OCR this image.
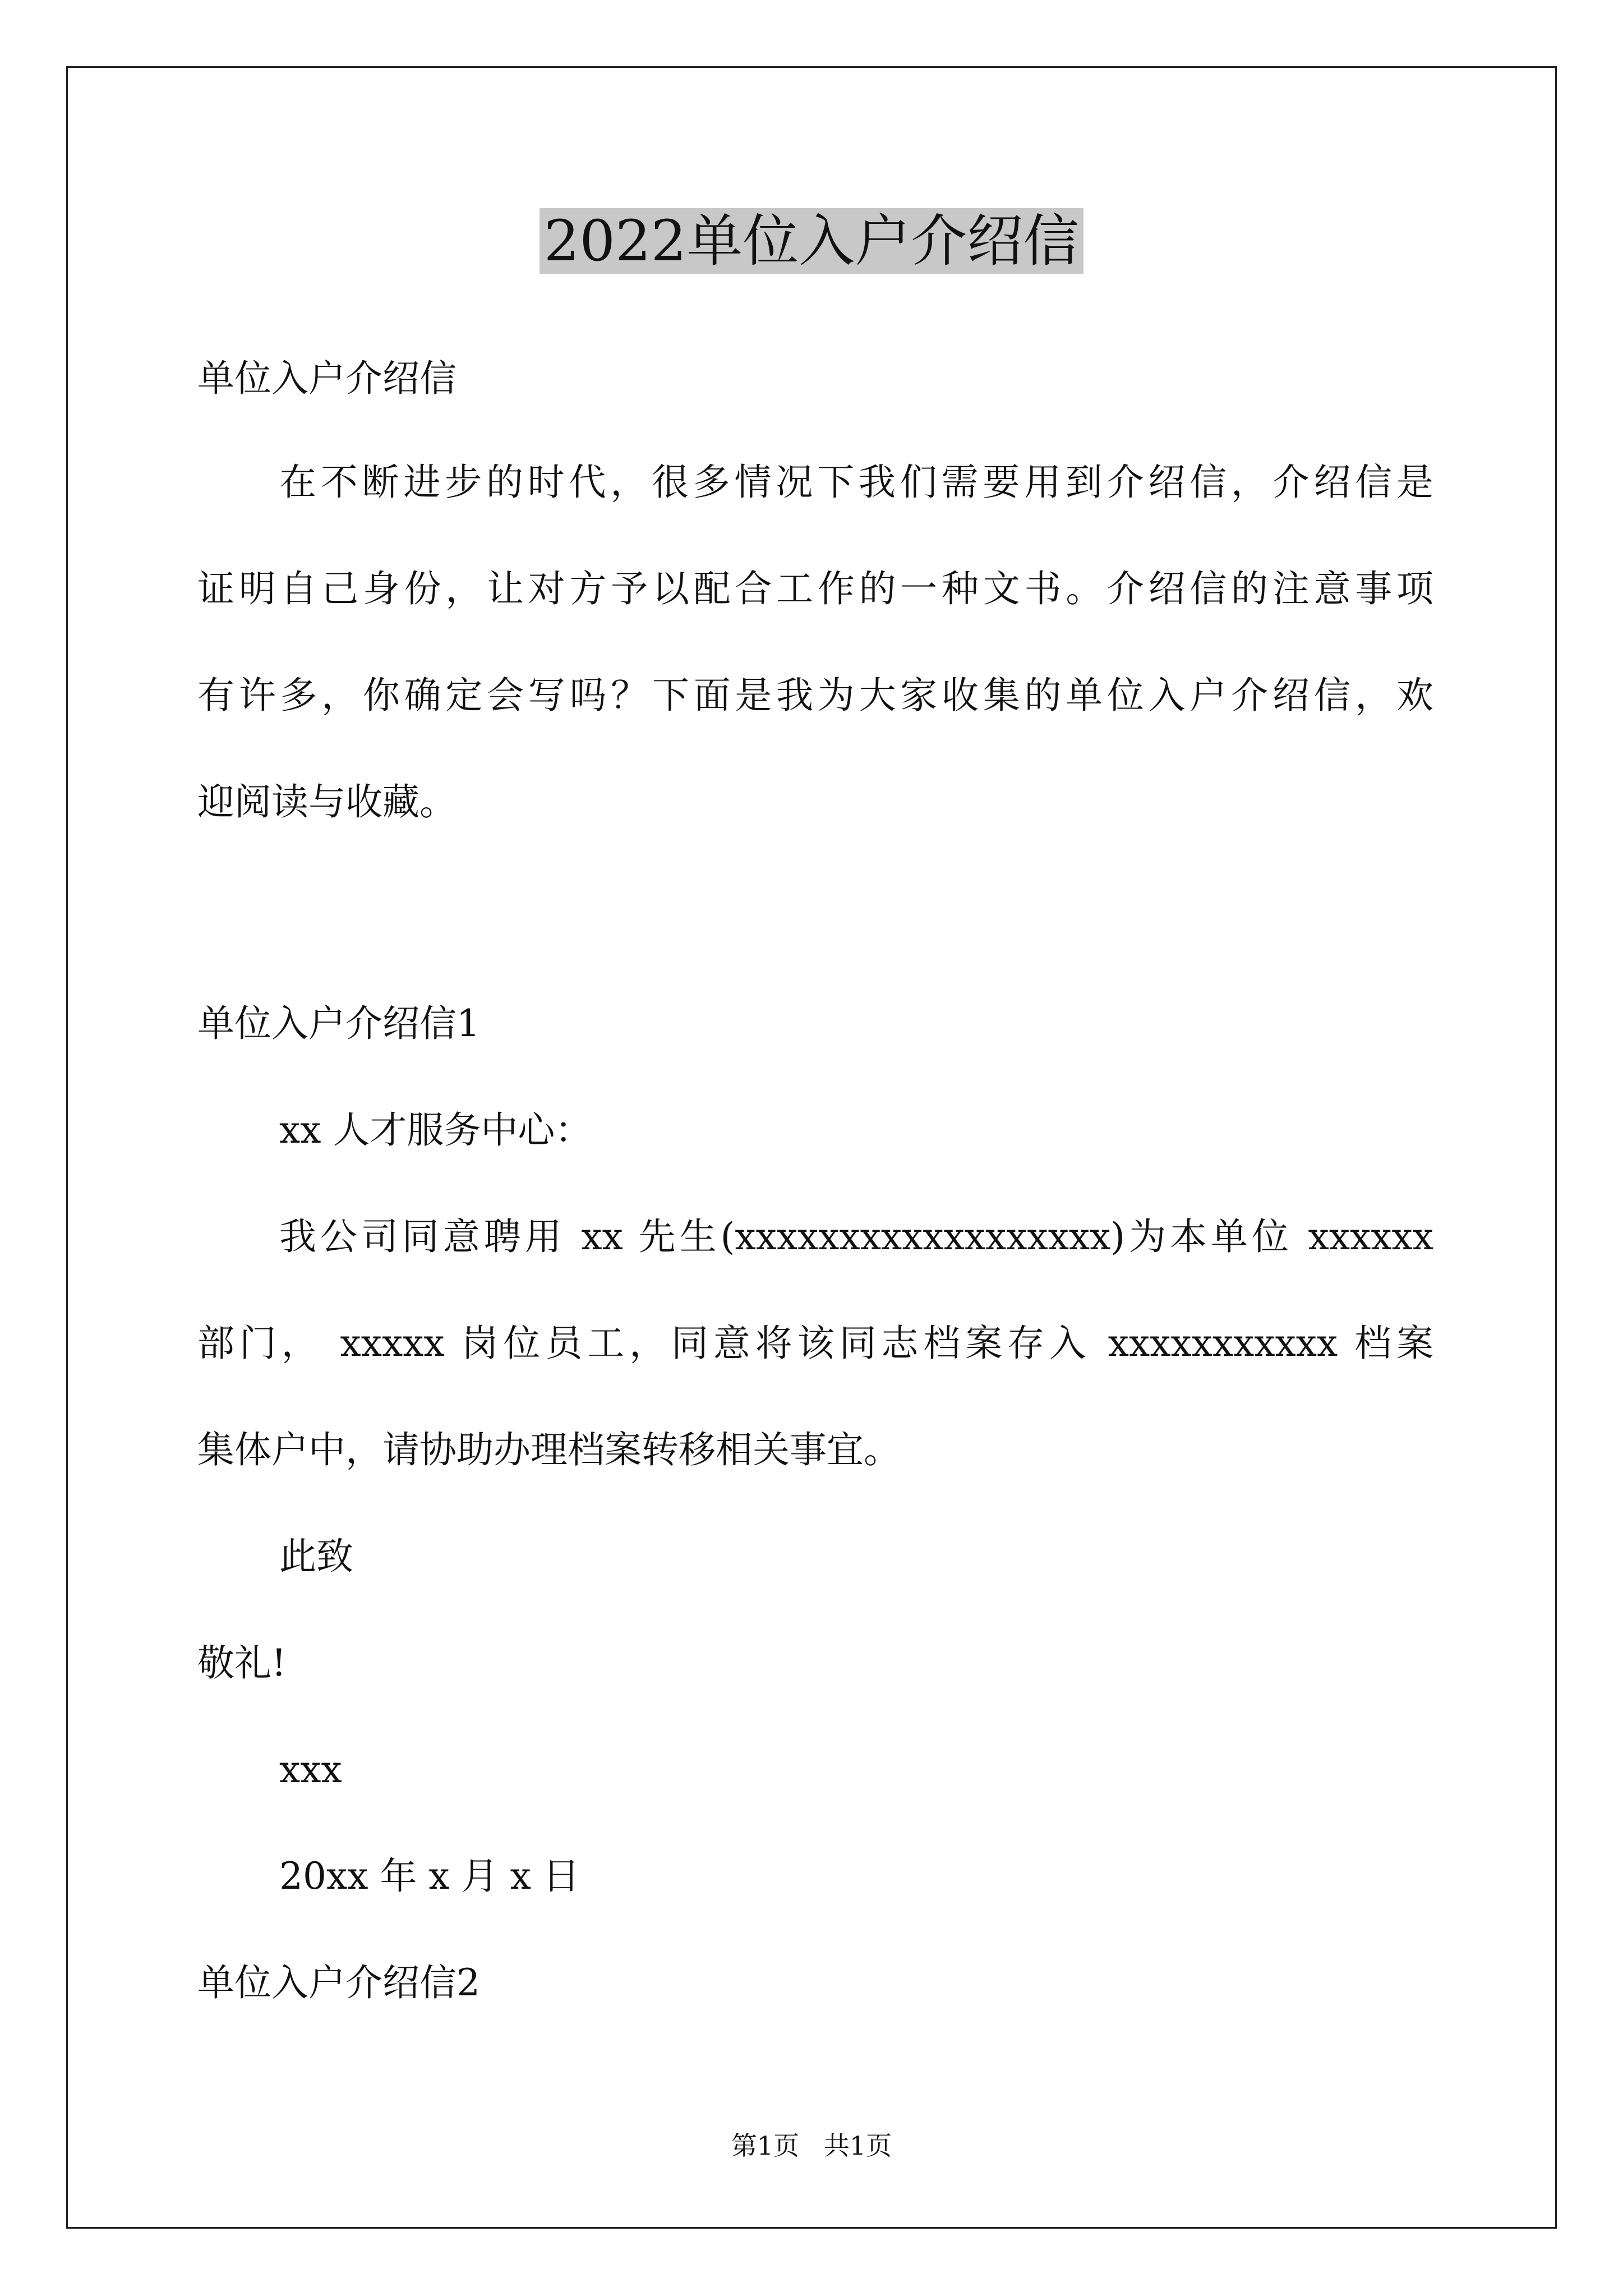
2022单位入户介绍信
单位入户介绍信
在不断进步的时代，很多情况下我们需要用到介绍信，介绍信是
证明自己身份，让对方予以配合工作的一种文书。介绍信的注意事项
有许多，你确定会写吗？下面是我为大家收集的单位入户介绍信，欢
迎阅读与收藏。
单位入户介绍信1
xx 人才服务中心：
我公司同意聘用 xx 先生(xxxxxxxxxxxxxxxxxx)为本单位 xxxxxx
部门， xxxxx 岗位员工，同意将该同志档案存入 xxxxxxxxxxx 档案
集体户中，请协助办理档案转移相关事宜。
此致
敬礼!
xxx
20xx 年 x 月 x 日
单位入户介绍信2
第1页   共1页
